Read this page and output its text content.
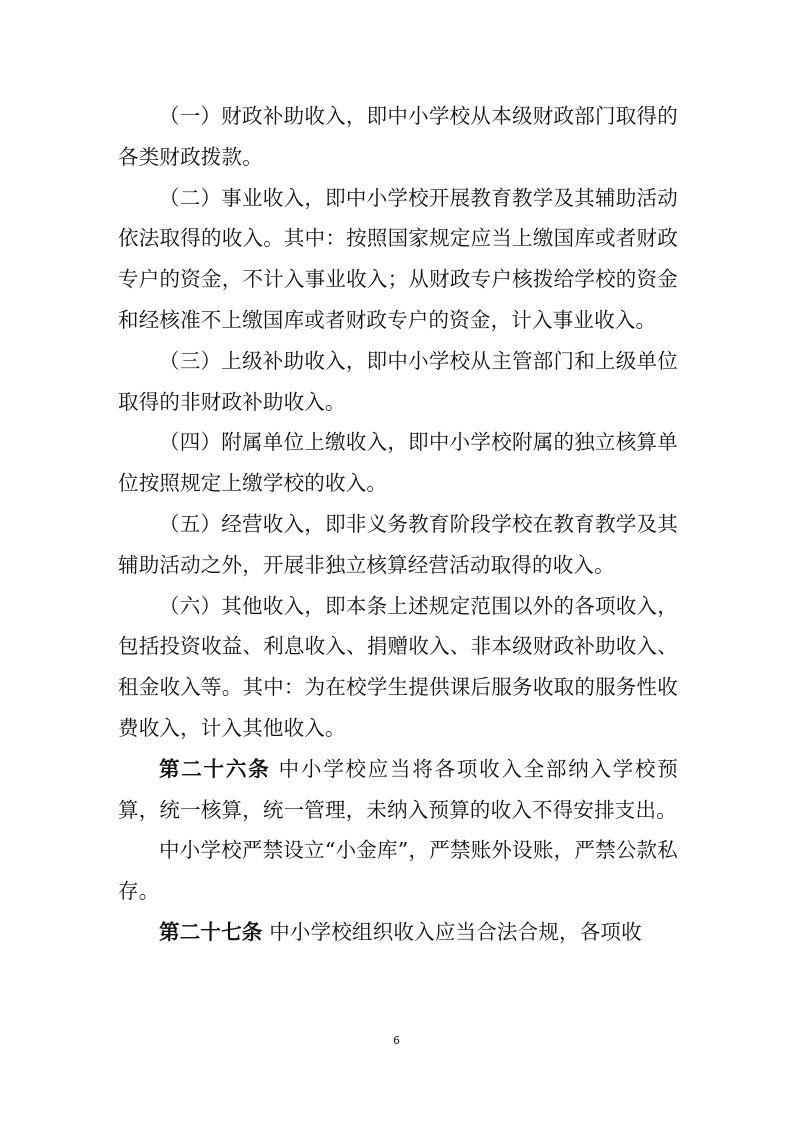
（一）财政补助收入，即中小学校从本级财政部门取得的各类财政拨款。

（二）事业收入，即中小学校开展教育教学及其辅助活动依法取得的收入。其中：按照国家规定应当上缴国库或者财政专户的资金，不计入事业收入；从财政专户核拨给学校的资金和经核准不上缴国库或者财政专户的资金，计入事业收入。

（三）上级补助收入，即中小学校从主管部门和上级单位取得的非财政补助收入。

（四）附属单位上缴收入，即中小学校附属的独立核算单位按照规定上缴学校的收入。

（五）经营收入，即非义务教育阶段学校在教育教学及其辅助活动之外，开展非独立核算经营活动取得的收入。

（六）其他收入，即本条上述规定范围以外的各项收入，包括投资收益、利息收入、捐赠收入、非本级财政补助收入、租金收入等。其中：为在校学生提供课后服务收取的服务性收费收入，计入其他收入。

第二十六条 中小学校应当将各项收入全部纳入学校预算，统一核算，统一管理，未纳入预算的收入不得安排支出。

中小学校严禁设立“小金库”，严禁账外设账，严禁公款私存。

第二十七条 中小学校组织收入应当合法合规，各项收

6
